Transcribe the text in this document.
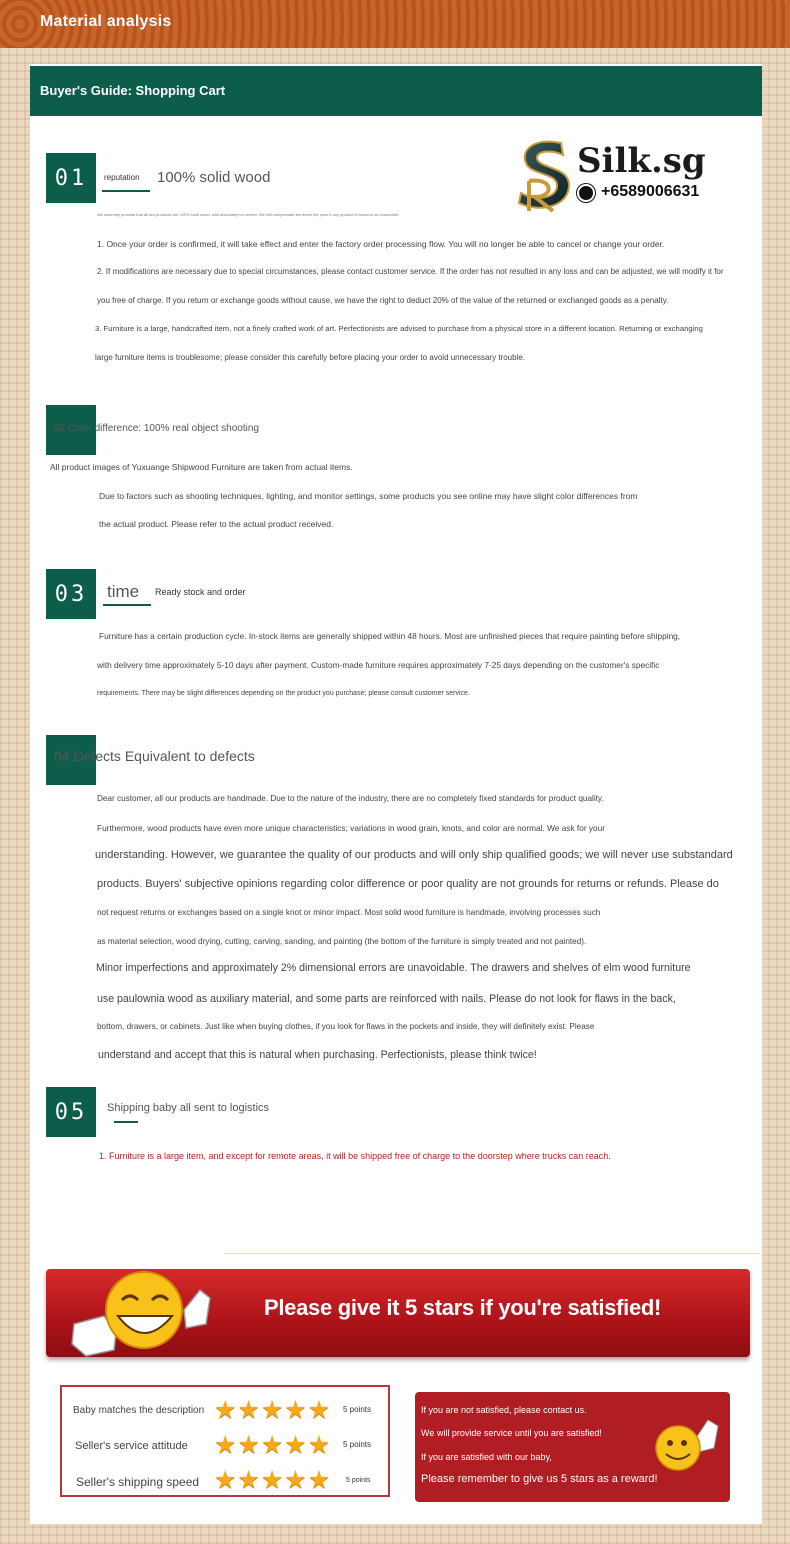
Material analysis
Buyer's Guide: Shopping Cart
Silk.sg
+6589006631
01	reputation 100% solid wood
We solemnly promise that all our products are 100% solid wood, with absolutely no veneer. We will compensate ten times the price if any product is found to be counterfeit.
1. Once your order is confirmed, it will take effect and enter the factory order processing flow. You will no longer be able to cancel or change your order.
2. If modifications are necessary due to special circumstances, please contact customer service. If the order has not resulted in any loss and can be adjusted, we will modify it for
you free of charge. If you return or exchange goods without cause, we have the right to deduct 20% of the value of the returned or exchanged goods as a penalty.
3. Furniture is a large, handcrafted item, not a finely crafted work of art. Perfectionists are advised to purchase from a physical store in a different location. Returning or exchanging
large furniture items is troublesome; please consider this carefully before placing your order to avoid unnecessary trouble.
02 Color difference: 100% real object shooting
All product images of Yuxuange Shipwood Furniture are taken from actual items.
Due to factors such as shooting techniques, lighting, and monitor settings, some products you see online may have slight color differences from
the actual product. Please refer to the actual product received.
03	time Ready stock and order
Furniture has a certain production cycle. In-stock items are generally shipped within 48 hours. Most are unfinished pieces that require painting before shipping,
with delivery time approximately 5-10 days after payment. Custom-made furniture requires approximately 7-25 days depending on the customer's specific
requirements. There may be slight differences depending on the product you purchase; please consult customer service.
04 Defects Equivalent to defects
Dear customer, all our products are handmade. Due to the nature of the industry, there are no completely fixed standards for product quality.
Furthermore, wood products have even more unique characteristics; variations in wood grain, knots, and color are normal. We ask for your
understanding. However, we guarantee the quality of our products and will only ship qualified goods; we will never use substandard
products. Buyers' subjective opinions regarding color difference or poor quality are not grounds for returns or refunds. Please do
not request returns or exchanges based on a single knot or minor impact. Most solid wood furniture is handmade, involving processes such
as material selection, wood drying, cutting, carving, sanding, and painting (the bottom of the furniture is simply treated and not painted).
Minor imperfections and approximately 2% dimensional errors are unavoidable. The drawers and shelves of elm wood furniture
use paulownia wood as auxiliary material, and some parts are reinforced with nails. Please do not look for flaws in the back,
bottom, drawers, or cabinets. Just like when buying clothes, if you look for flaws in the pockets and inside, they will definitely exist. Please
understand and accept that this is natural when purchasing. Perfectionists, please think twice!
05	Shipping baby all sent to logistics
1. Furniture is a large item, and except for remote areas, it will be shipped free of charge to the doorstep where trucks can reach.
Please give it 5 stars if you're satisfied!
Baby matches the description ★ ★ ★ ★ ★ 5 points
Seller's service attitude ★ ★ ★ ★ ★ 5 points
Seller's shipping speed ★ ★ ★ ★ ★ 5 points
If you are not satisfied, please contact us.
We will provide service until you are satisfied!
If you are satisfied with our baby,
Please remember to give us 5 stars as a reward!
